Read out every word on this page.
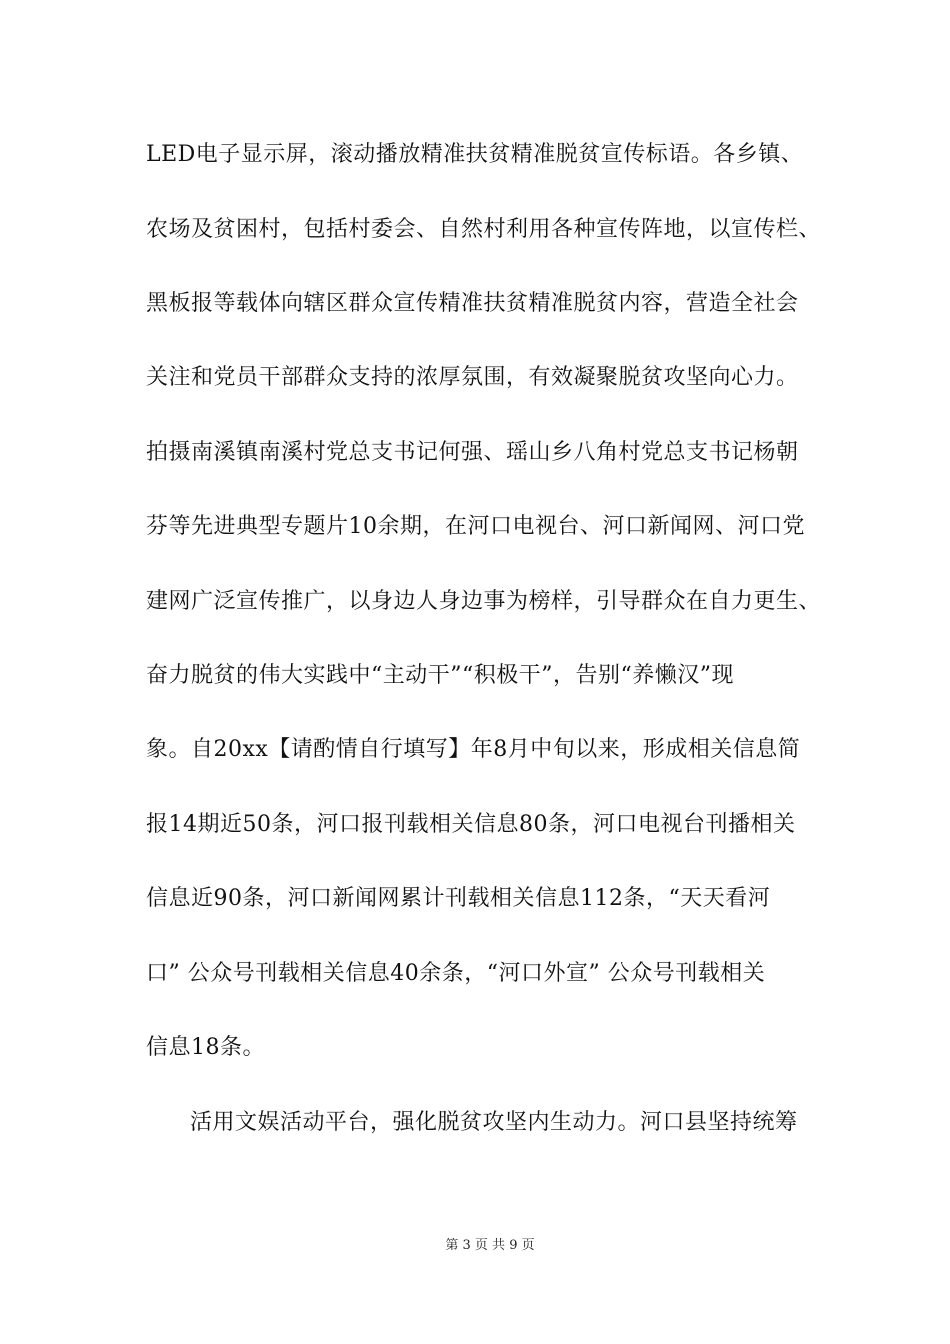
LED电子显示屏，滚动播放精准扶贫精准脱贫宣传标语。各乡镇、
农场及贫困村，包括村委会、自然村利用各种宣传阵地，以宣传栏、
黑板报等载体向辖区群众宣传精准扶贫精准脱贫内容，营造全社会
关注和党员干部群众支持的浓厚氛围，有效凝聚脱贫攻坚向心力。
拍摄南溪镇南溪村党总支书记何强、瑶山乡八角村党总支书记杨朝
芬等先进典型专题片10余期，在河口电视台、河口新闻网、河口党
建网广泛宣传推广，以身边人身边事为榜样，引导群众在自力更生、
奋力脱贫的伟大实践中“主动干”“积极干”，告别“养懒汉”现
象。自20xx【请酌情自行填写】年8月中旬以来，形成相关信息简
报14期近50条，河口报刊载相关信息80条，河口电视台刊播相关
信息近90条，河口新闻网累计刊载相关信息112条，“天天看河
口” 公众号刊载相关信息40余条，“河口外宣” 公众号刊载相关
信息18条。
活用文娱活动平台，强化脱贫攻坚内生动力。河口县坚持统筹
第 3 页 共 9 页
